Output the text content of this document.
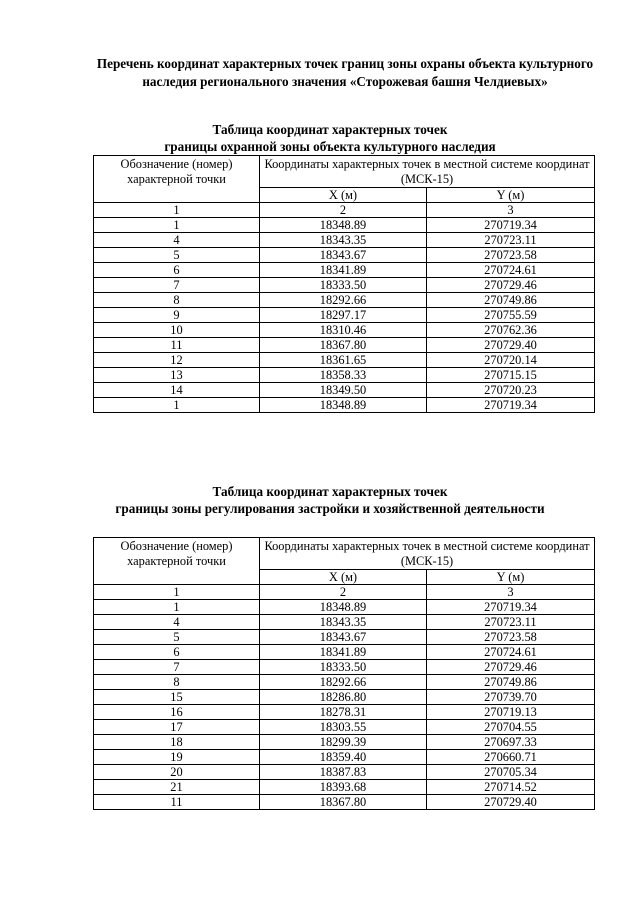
Перечень координат характерных точек границ зоны охраны объекта культурного наследия регионального значения «Сторожевая башня Челдиевых»
Таблица координат характерных точек
границы охранной зоны объекта культурного наследия
Обозначение (номер) характерной точки	Координаты характерных точек в местной системе координат (МСК-15)	
	X (м)	Y (м)
1	2	3
1	18348.89	270719.34
4	18343.35	270723.11
5	18343.67	270723.58
6	18341.89	270724.61
7	18333.50	270729.46
8	18292.66	270749.86
9	18297.17	270755.59
10	18310.46	270762.36
11	18367.80	270729.40
12	18361.65	270720.14
13	18358.33	270715.15
14	18349.50	270720.23
1	18348.89	270719.34
Таблица координат характерных точек
границы зоны регулирования застройки и хозяйственной деятельности
Обозначение (номер) характерной точки	Координаты характерных точек в местной системе координат (МСК-15)	
	X (м)	Y (м)
1	2	3
1	18348.89	270719.34
4	18343.35	270723.11
5	18343.67	270723.58
6	18341.89	270724.61
7	18333.50	270729.46
8	18292.66	270749.86
15	18286.80	270739.70
16	18278.31	270719.13
17	18303.55	270704.55
18	18299.39	270697.33
19	18359.40	270660.71
20	18387.83	270705.34
21	18393.68	270714.52
11	18367.80	270729.40
